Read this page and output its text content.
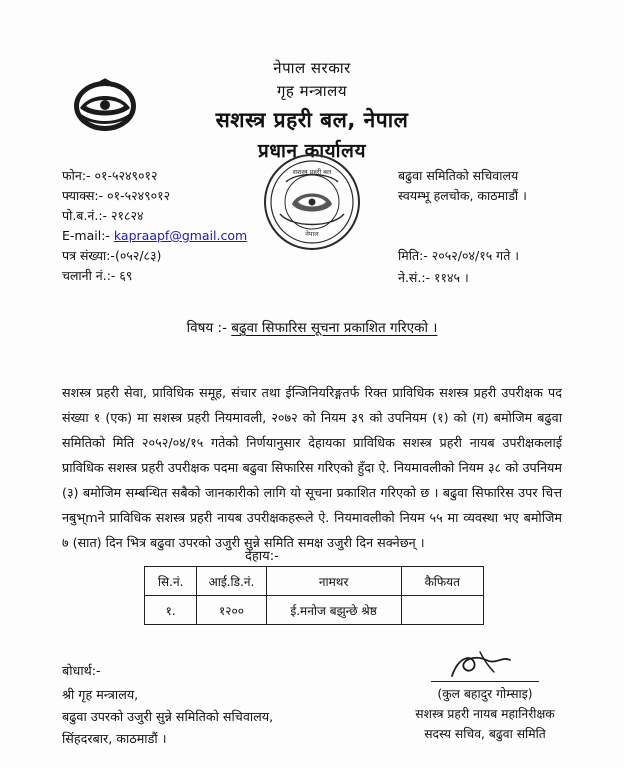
नेपाल सरकार
गृह मन्त्रालय
सशस्त्र प्रहरी बल, नेपाल
प्रधान कार्यालय
सशस्त्र प्रहरी बल
नेपाल
फोन:- ०१-५२४९०१२
फ्याक्स:- ०१-५२४९०१२
पो.ब.नं.:- २१८२४
E-mail:- kapraapf@gmail.com
पत्र संख्या:-(०५२/८३)
चलानी नं.:- ६९
बढुवा समितिको सचिवालय
स्वयम्भू हलचोक, काठमाडौं ।
मिति:- २०५२/०४/१५ गते ।
ने.सं.:- ११४५ ।
विषय :- बढुवा सिफारिस सूचना प्रकाशित गरिएको ।
सशस्त्र प्रहरी सेवा, प्राविधिक समूह, संचार तथा ईन्जिनियरिङ्गतर्फ रिक्त प्राविधिक सशस्त्र प्रहरी उपरीक्षक पद संख्या १ (एक) मा सशस्त्र प्रहरी नियमावली, २०७२ को नियम ३९ को उपनियम (१) को (ग) बमोजिम बढुवा समितिको मिति २०५२/०४/१५ गतेको निर्णयानुसार देहायका प्राविधिक सशस्त्र प्रहरी नायब उपरीक्षकलाई प्राविधिक सशस्त्र प्रहरी उपरीक्षक पदमा बढुवा सिफारिस गरिएको हुँदा ऐ. नियमावलीको नियम ३८ को उपनियम (३) बमोजिम सम्बन्धित सबैको जानकारीको लागि यो सूचना प्रकाशित गरिएको छ । बढुवा सिफारिस उपर चित्त नबुभ्mने प्राविधिक सशस्त्र प्रहरी नायब उपरीक्षकहरूले ऐ. नियमावलीको नियम ५५ मा व्यवस्था भए बमोजिम ७ (सात) दिन भित्र बढुवा उपरको उजुरी सुन्ने समिति समक्ष उजुरी दिन सक्नेछन् ।
देहाय:-
सि.नं.	आई.डि.नं.	नामथर	कैफियत
१.	१२००	ई.मनोज बझुन्छे श्रेष्ठ	
बोधार्थ:-
श्री गृह मन्त्रालय,
बढुवा उपरको उजुरी सुन्ने समितिको सचिवालय,
सिंहदरबार, काठमाडौं ।
(कुल बहादुर गोम्साइ)
सशस्त्र प्रहरी नायब महानिरीक्षक
सदस्य सचिव, बढुवा समिति
